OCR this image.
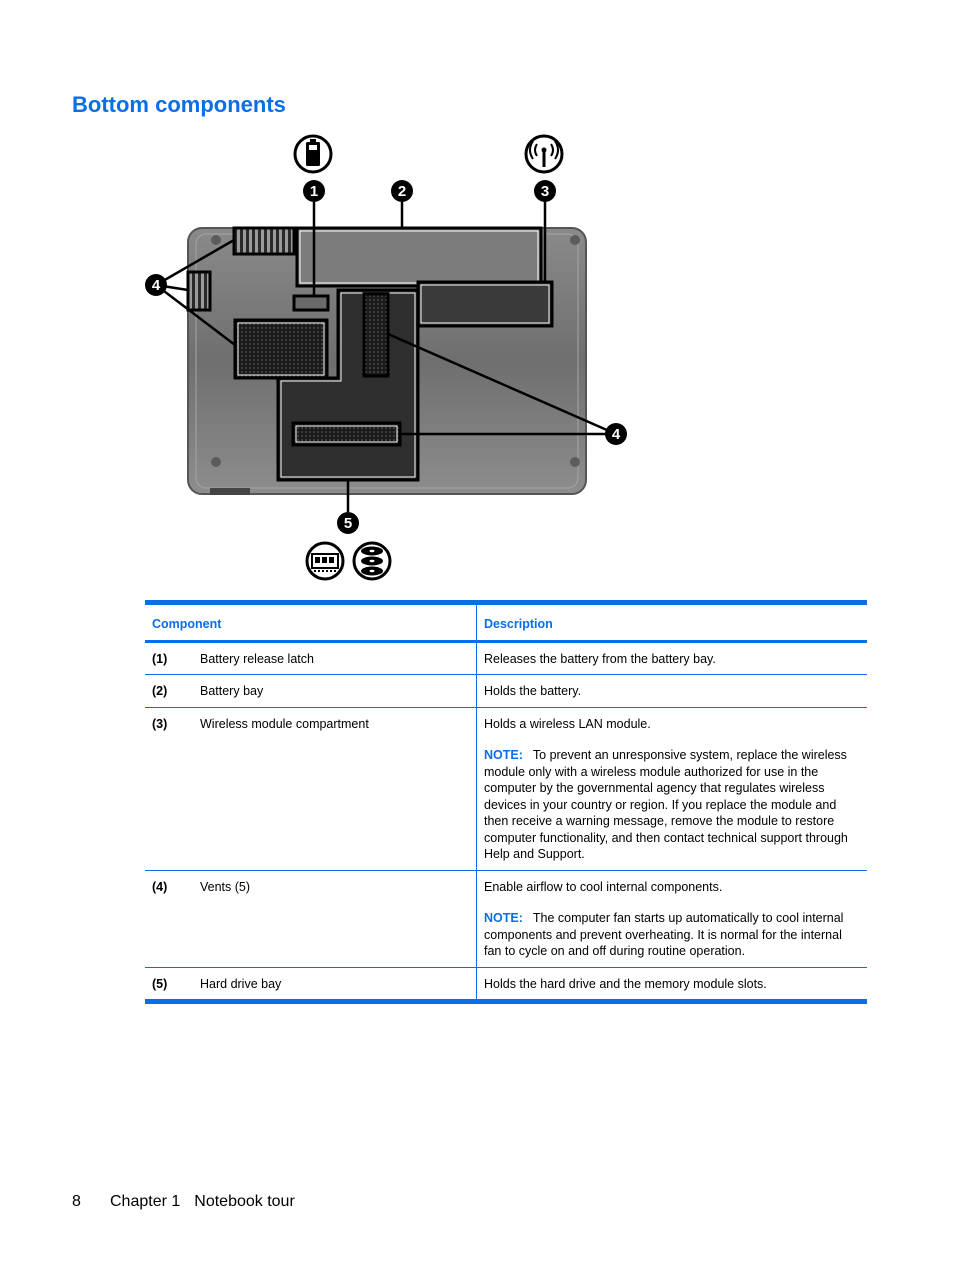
Bottom components
1	2	3
4
4
5
Component		Description
(1)	Battery release latch	Releases the battery from the battery bay.

(2)	Battery bay	Holds the battery.

(3)	Wireless module compartment	Holds a wireless LAN module.
NOTE: To prevent an unresponsive system, replace the wireless module only with a wireless module authorized for use in the computer by the governmental agency that regulates wireless devices in your country or region. If you replace the module and then receive a warning message, remove the module to restore computer functionality, and then contact technical support through Help and Support.

(4)	Vents (5)	Enable airflow to cool internal components.
NOTE: The computer fan starts up automatically to cool internal components and prevent overheating. It is normal for the internal fan to cycle on and off during routine operation.

(5)	Hard drive bay	Holds the hard drive and the memory module slots.
8 Chapter 1 Notebook tour
